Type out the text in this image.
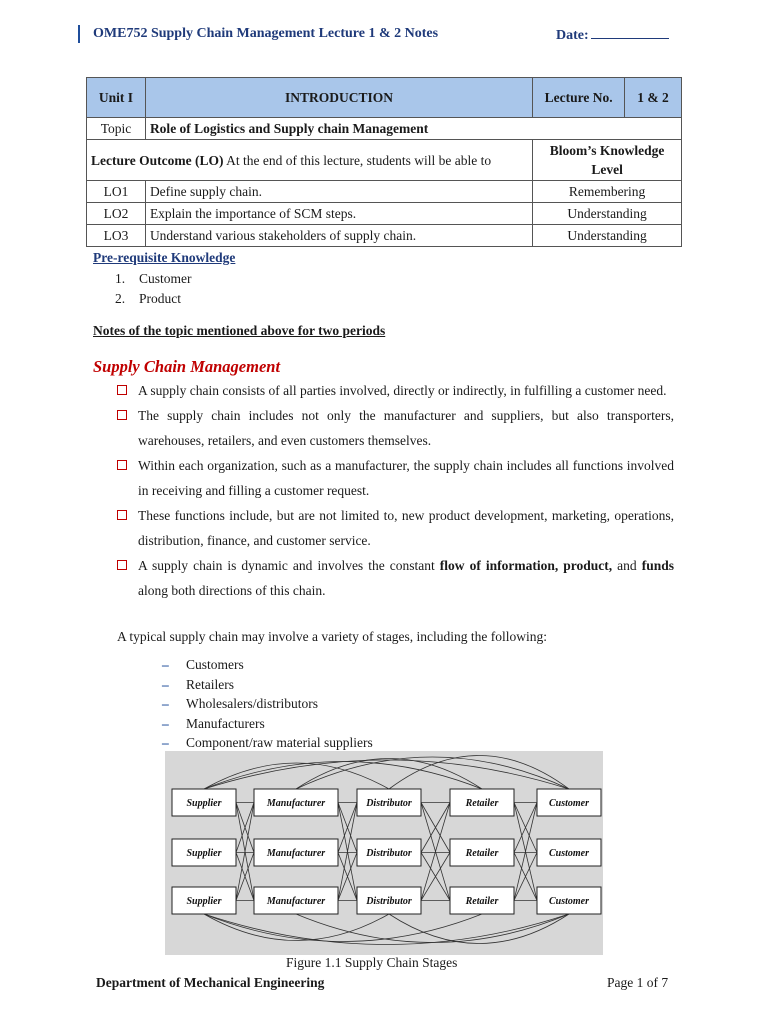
OME752 Supply Chain Management Lecture 1 & 2 Notes	Date:
Unit I	INTRODUCTION	Lecture No.	1 & 2
Topic	Role of Logistics and Supply chain Management		
Lecture Outcome (LO) At the end of this lecture, students will be able to		Bloom’s Knowledge Level	
LO1	Define supply chain.	Remembering	
LO2	Explain the importance of SCM steps.	Understanding	
LO3	Understand various stakeholders of supply chain.	Understanding	
Pre-requisite Knowledge
1. Customer
2. Product
Notes of the topic mentioned above for two periods
Supply Chain Management
A supply chain consists of all parties involved, directly or indirectly, in fulfilling a customer need.
The supply chain includes not only the manufacturer and suppliers, but also transporters, warehouses, retailers, and even customers themselves.
Within each organization, such as a manufacturer, the supply chain includes all functions involved in receiving and filling a customer request.
These functions include, but are not limited to, new product development, marketing, operations, distribution, finance, and customer service.
A supply chain is dynamic and involves the constant flow of information, product, and funds along both directions of this chain.
A typical supply chain may involve a variety of stages, including the following:
– Customers
– Retailers
– Wholesalers/distributors
– Manufacturers
– Component/raw material suppliers
Supplier
Supplier
Supplier
Manufacturer
Manufacturer
Manufacturer
Distributor
Distributor
Distributor
Retailer
Retailer
Retailer
Customer
Customer
Customer
Figure 1.1 Supply Chain Stages
Department of Mechanical Engineering	Page 1 of 7
